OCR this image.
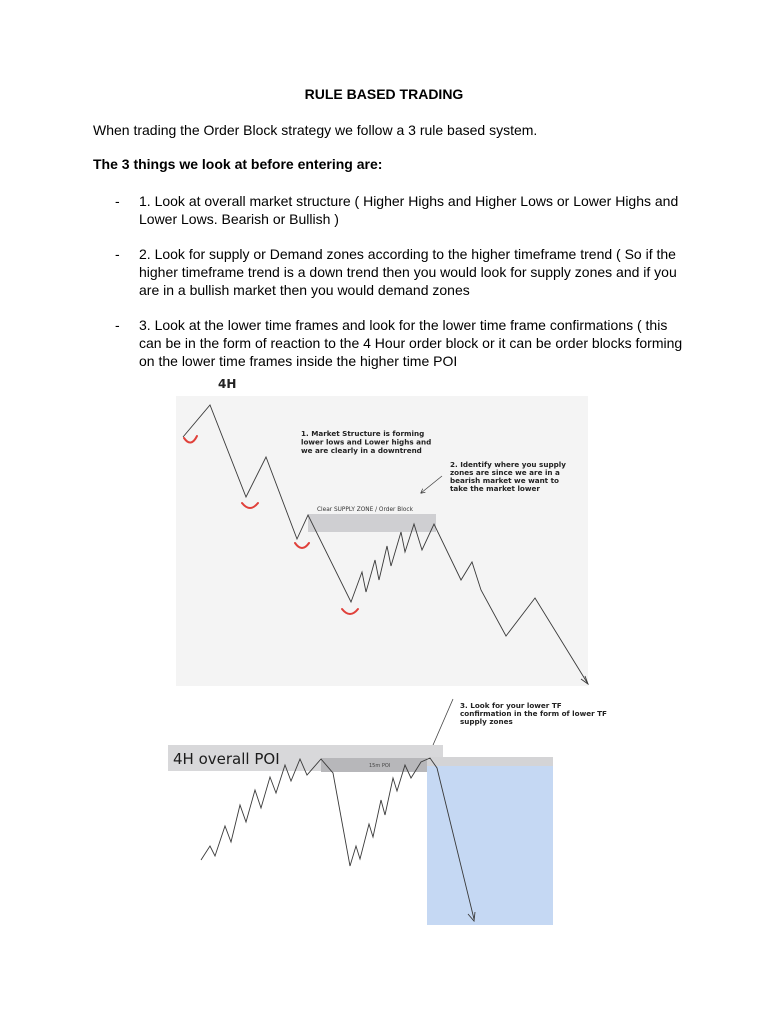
RULE BASED TRADING

When trading the Order Block strategy we follow a 3 rule based system.

The 3 things we look at before entering are:

- 1. Look at overall market structure ( Higher Highs and Higher Lows or Lower Highs and Lower Lows. Bearish or Bullish )
- 2. Look for supply or Demand zones according to the higher timeframe trend ( So if the higher timeframe trend is a down trend then you would look for supply zones and if you are in a bullish market then you would demand zones
- 3. Look at the lower time frames and look for the lower time frame confirmations ( this can be in the form of reaction to the 4 Hour order block or it can be order blocks forming on the lower time frames inside the higher time POI
4H
Clear SUPPLY ZONE / Order Block
1. Market Structure is forming lower lows and Lower highs and we are clearly in a downtrend
2. Identify where you supply zones are since we are in a bearish market we want to take the market lower
3. Look for your lower TF confirmation in the form of lower TF supply zones
4H overall POI	15m POI
